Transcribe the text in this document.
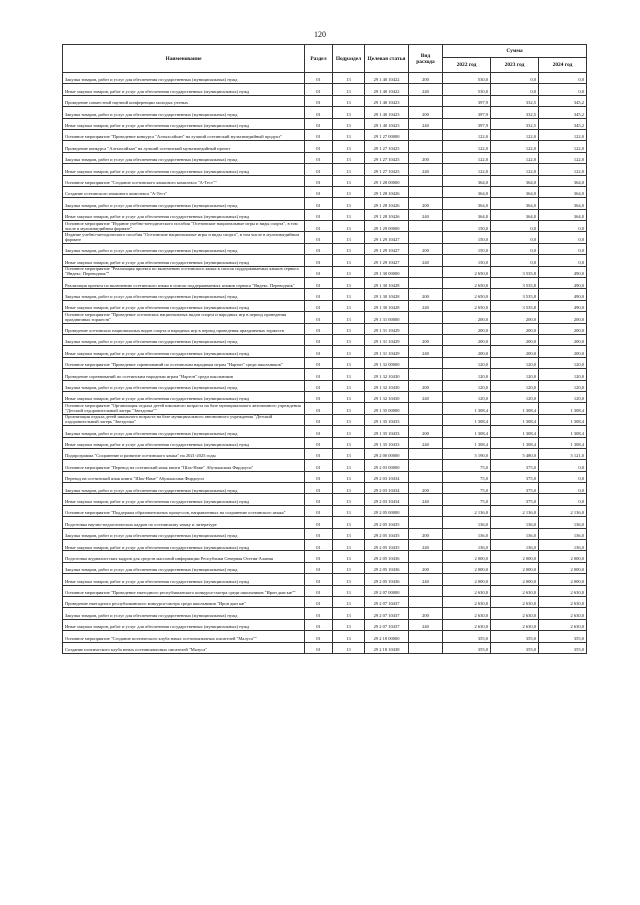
120
Наименование	Раздел	Подраздел	Целевая статья	Вид расхода	Сумма		
					2022 год	2023 год	2024 год
Закупка товаров, работ и услуг для обеспечения государственных (муниципальных) нужд	01	13	29 1 40 10422	200	530,0	0,0	0,0
Иные закупки товаров, работ и услуг для обеспечения государственных (муниципальных) нужд	01	13	29 1 40 10422	240	530,0	0,0	0,0
Проведение совместной научной конференции молодых ученых	01	13	29 1 40 10423		397,9	332,5	345,2
Закупка товаров, работ и услуг для обеспечения государственных (муниципальных) нужд	01	13	29 1 40 10423	200	397,9	332,5	345,2
Иные закупки товаров, работ и услуг для обеспечения государственных (муниципальных) нужд	01	13	29 1 40 10423	240	397,9	332,5	345,2
Основное мероприятие "Проведение конкурса "Алтыхсайхан" на лучший осетинский мультимедийный продукт"	01	13	29 1 27 00000		122,0	122,0	122,0
Проведение конкурса "Алтыхсайхан" на лучший осетинский мультимедийный проект	01	13	29 1 27 10425		122,0	122,0	122,0
Закупка товаров, работ и услуг для обеспечения государственных (муниципальных) нужд	01	13	29 1 27 10425	200	122,0	122,0	122,0
Иные закупки товаров, работ и услуг для обеспечения государственных (муниципальных) нужд	01	13	29 1 27 10425	240	122,0	122,0	122,0
Основное мероприятие "Создание осетинского языкового комплекса "А-Тест""	01	13	29 1 28 00000		364,0	364,0	364,0
Создание осетинского языкового комплекса "А-Тест"	01	13	29 1 28 10426		364,0	364,0	364,0
Закупка товаров, работ и услуг для обеспечения государственных (муниципальных) нужд	01	13	29 1 28 10426	200	364,0	364,0	364,0
Иные закупки товаров, работ и услуг для обеспечения государственных (муниципальных) нужд	01	13	29 1 28 10426	240	364,0	364,0	364,0
Основное мероприятие "Издание учебно-методического пособия "Осетинские национальные игры и виды спорта", в том числе в мультимедийном формате"	01	13	29 1 29 00000		150,0	0,0	0,0
Издание учебно-методического пособия "Осетинские национальные игры и виды спорта", в том числе в мультимедийном формате	01	13	29 1 29 10427		150,0	0,0	0,0
Закупка товаров, работ и услуг для обеспечения государственных (муниципальных) нужд	01	13	29 1 29 10427	200	150,0	0,0	0,0
Иные закупки товаров, работ и услуг для обеспечения государственных (муниципальных) нужд	01	13	29 1 29 10427	240	150,0	0,0	0,0
Основное мероприятие "Реализация проекта по включению осетинского языка в список поддерживаемых языков сервиса "Яндекс. Переводчик""	01	13	29 1 30 00000		2 650,0	3 535,8	490,0
Реализация проекта по включению осетинского языка в список поддерживаемых языков сервиса "Яндекс. Переводчик"	01	13	29 1 30 10428		2 650,0	3 535,8	490,0
Закупка товаров, работ и услуг для обеспечения государственных (муниципальных) нужд	01	13	29 1 30 10428	200	2 650,0	3 535,8	490,0
Иные закупки товаров, работ и услуг для обеспечения государственных (муниципальных) нужд	01	13	29 1 30 10428	240	2 650,0	3 535,8	490,0
Основное мероприятие "Проведение осетинских национальных видов спорта и народных игр в период проведения праздничных торжеств"	01	13	29 1 31 00000		200,0	200,0	200,0
Проведение осетинских национальных видов спорта и народных игр в период проведения праздничных торжеств	01	13	29 1 31 10429		200,0	200,0	200,0
Закупка товаров, работ и услуг для обеспечения государственных (муниципальных) нужд	01	13	29 1 31 10429	200	200,0	200,0	200,0
Иные закупки товаров, работ и услуг для обеспечения государственных (муниципальных) нужд	01	13	29 1 31 10429	240	200,0	200,0	200,0
Основное мероприятие "Проведение соревнований по осетинским народным играм "Нартон" среди школьников"	01	13	29 1 32 00000		120,0	120,0	120,0
Проведение соревнований по осетинским народным играм "Нартон" среди школьников	01	13	29 1 32 10430		120,0	120,0	120,0
Закупка товаров, работ и услуг для обеспечения государственных (муниципальных) нужд	01	13	29 1 32 10430	200	120,0	120,0	120,0
Иные закупки товаров, работ и услуг для обеспечения государственных (муниципальных) нужд	01	13	29 1 32 10430	240	120,0	120,0	120,0
Основное мероприятие "Организация отдыха детей школьного возраста на базе муниципального автономного учреждения "Детский оздоровительный лагерь "Звездочка""	01	13	29 1 35 00000		1 308,4	1 308,4	1 308,4
Организация отдыха детей школьного возраста на базе муниципального автономного учреждения "Детский оздоровительный лагерь "Звездочка"	01	13	29 1 35 10433		1 308,4	1 308,4	1 308,4
Закупка товаров, работ и услуг для обеспечения государственных (муниципальных) нужд	01	13	29 1 35 10433	200	1 308,4	1 308,4	1 308,4
Иные закупки товаров, работ и услуг для обеспечения государственных (муниципальных) нужд	01	13	29 1 35 10433	240	1 308,4	1 308,4	1 308,4
Подпрограмма "Сохранение и развитие осетинского языка" на 2021-2025 годы	01	13	29 2 00 00000		5 190,0	5 480,0	5 121,0
Основное мероприятие "Перевод на осетинский язык книги "Шах-Наме" Абулькасима Фирдоуси"	01	13	29 2 03 00000		75,0	375,0	0,0
Перевод на осетинский язык книги "Шах-Наме" Абулькасима Фирдоуси	01	13	29 2 03 10434		75,0	375,0	0,0
Закупка товаров, работ и услуг для обеспечения государственных (муниципальных) нужд	01	13	29 2 03 10434	200	75,0	375,0	0,0
Иные закупки товаров, работ и услуг для обеспечения государственных (муниципальных) нужд	01	13	29 2 03 10434	240	75,0	375,0	0,0
Основное мероприятие "Поддержка образовательных процессов, направленных на сохранение осетинского языка"	01	13	29 2 05 00000		2 136,0	2 136,0	2 136,0
Подготовка научно-педагогических кадров по осетинскому языку и литературе	01	13	29 2 05 10435		136,0	136,0	136,0
Закупка товаров, работ и услуг для обеспечения государственных (муниципальных) нужд	01	13	29 2 05 10435	200	136,0	136,0	136,0
Иные закупки товаров, работ и услуг для обеспечения государственных (муниципальных) нужд	01	13	29 2 05 10435	240	136,0	136,0	136,0
Подготовка журналистских кадров для средств массовой информации Республики Северная Осетия-Алания	01	13	29 2 05 10436		2 000,0	2 000,0	2 000,0
Закупка товаров, работ и услуг для обеспечения государственных (муниципальных) нужд	01	13	29 2 05 10436	200	2 000,0	2 000,0	2 000,0
Иные закупки товаров, работ и услуг для обеспечения государственных (муниципальных) нужд	01	13	29 2 05 10436	240	2 000,0	2 000,0	2 000,0
Основное мероприятие "Проведение ежегодного республиканского конкурса-смотра среди школьников "Ирон дын кæ""	01	13	29 2 07 00000		2 630,0	2 630,0	2 630,0
Проведение ежегодного республиканского конкурса-смотра среди школьников "Ирон дын кæ"	01	13	29 2 07 10437		2 630,0	2 630,0	2 630,0
Закупка товаров, работ и услуг для обеспечения государственных (муниципальных) нужд	01	13	29 2 07 10437	200	2 630,0	2 630,0	2 630,0
Иные закупки товаров, работ и услуг для обеспечения государственных (муниципальных) нужд	01	13	29 2 07 10437	240	2 630,0	2 630,0	2 630,0
Основное мероприятие "Создание поэтического клуба юных осетиноязычных писателей "Малуса""	01	13	29 2 18 00000		355,0	355,0	355,0
Создание поэтического клуба юных осетиноязычных писателей "Малуса"	01	13	29 2 18 10438		355,0	355,0	355,0
